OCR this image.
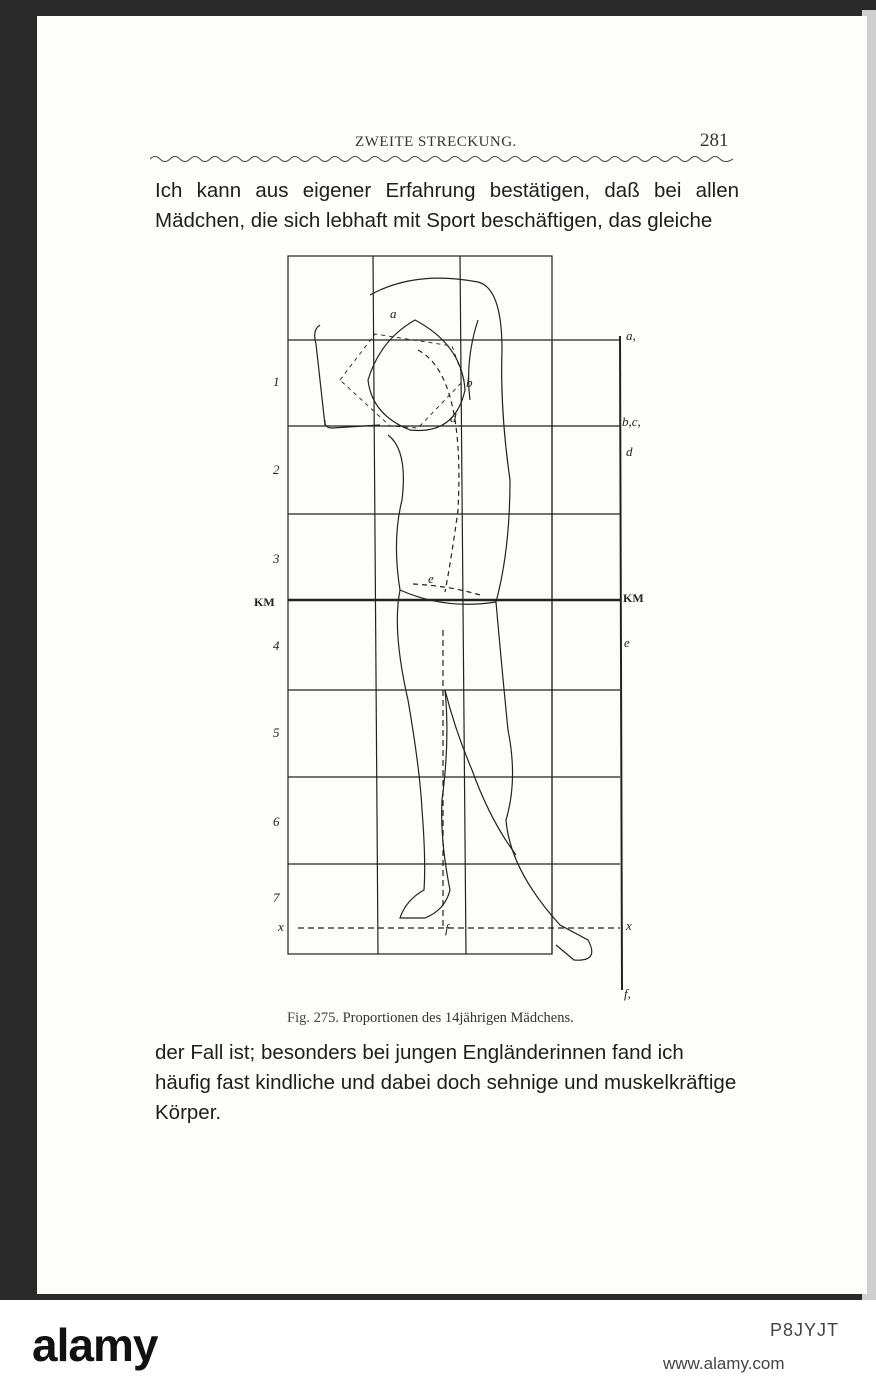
ZWEITE STRECKUNG.	281
Ich kann aus eigener Erfahrung bestätigen, daß bei allen Mädchen, die sich lebhaft mit Sport beschäftigen, das gleiche
1
2
3
KM
4
5
6
7
x
a,
b,c,
d
KM
e
x
f,
a
b
d
e
f
Fig. 275. Proportionen des 14jährigen Mädchens.
der Fall ist; besonders bei jungen Engländerinnen fand ich
häufig fast kindliche und dabei doch sehnige und muskelkräftige
Körper.
alamy	P8JYJT
www.alamy.com
